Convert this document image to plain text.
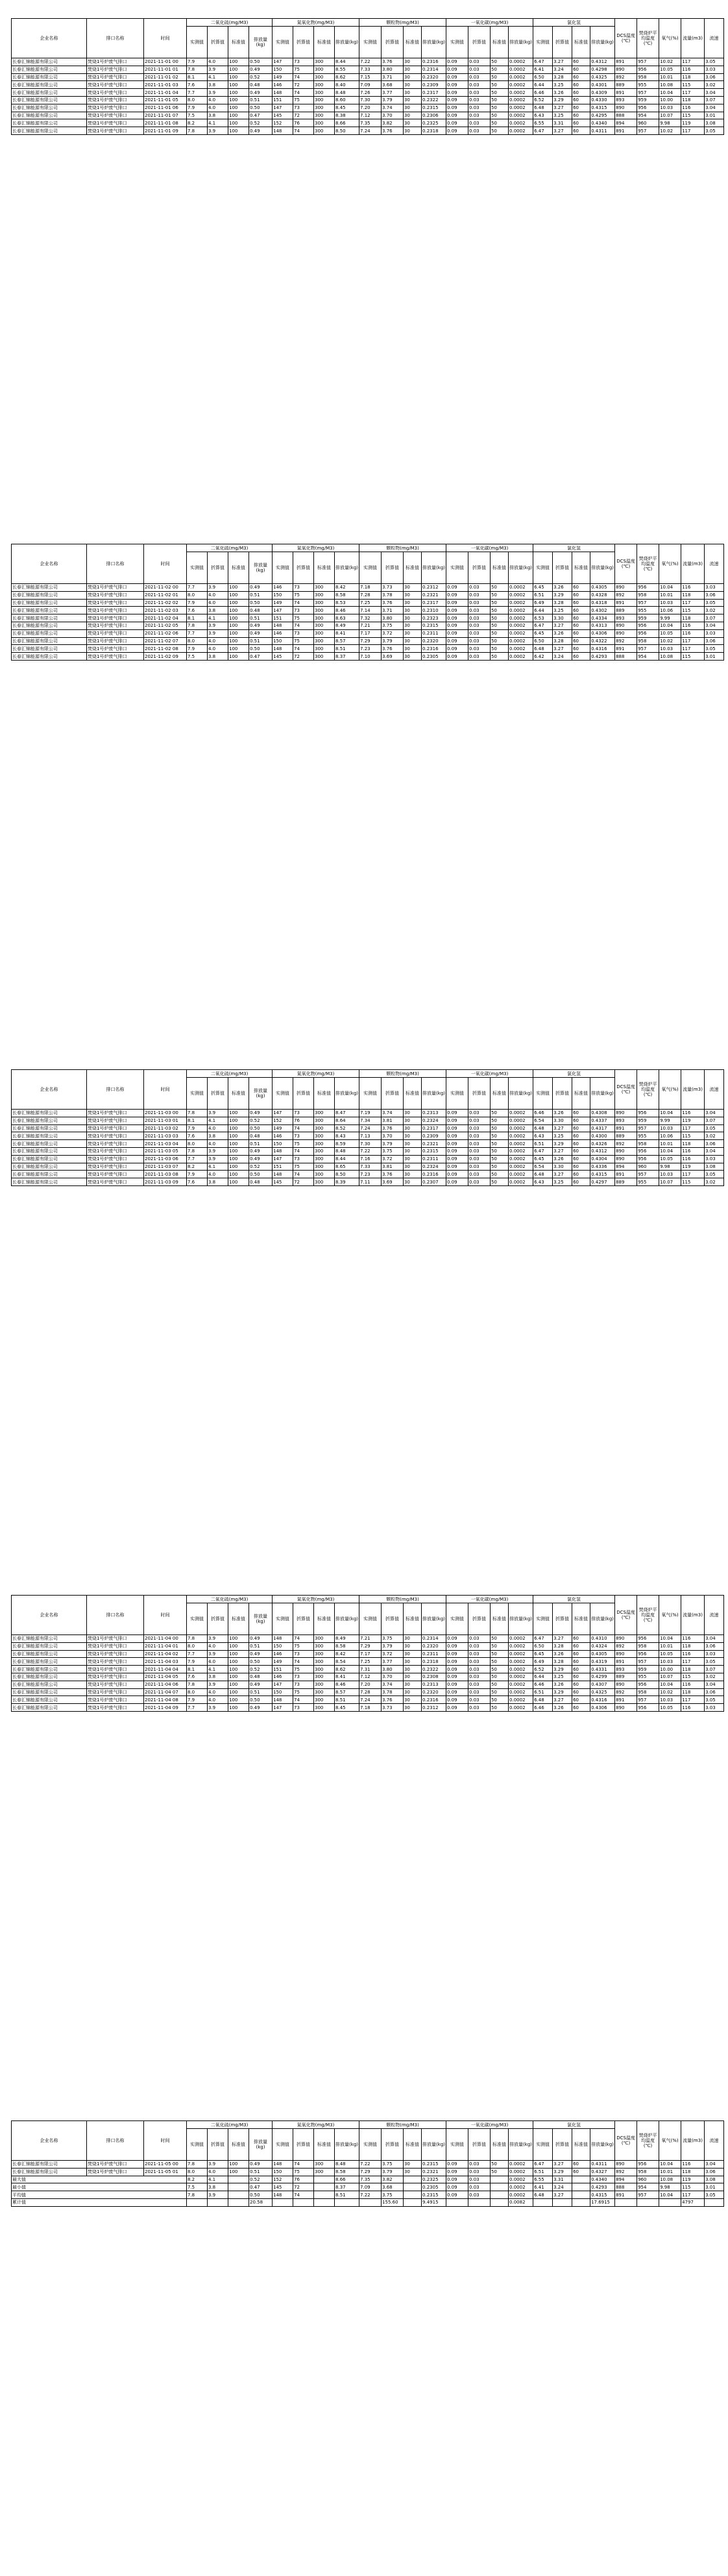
企业名称	排口名称	时间	二氧化硫(mg/M3)				氮氧化物(mg/M3)				颗粒物(mg/M3)				一氧化碳(mg/M3)				氯化氢				DCS温度(℃)	焚烧炉平均温度(℃)	氧气(%)	流量(m3)	流速
			实测值	折算值	标准值	排放量(kg)	实测值	折算值	标准值	排放量(kg)	实测值	折算值	标准值	排放量(kg)	实测值	折算值	标准值	排放量(kg)	实测值	折算值	标准值	排放量(kg)					
长春汇锦能源有限公司	焚烧1号炉废气排口	2021-11-01 00	7.9	4.0	100	0.50	147	73	300	8.44	7.22	3.76	30	0.2316	0.09	0.03	50	0.0002	6.47	3.27	60	0.4312	891	957	10.02	117	3.05
长春汇锦能源有限公司	焚烧1号炉废气排口	2021-11-01 01	7.8	3.9	100	0.49	150	75	300	8.55	7.33	3.80	30	0.2314	0.09	0.03	50	0.0002	6.41	3.24	60	0.4298	890	956	10.05	116	3.03
长春汇锦能源有限公司	焚烧1号炉废气排口	2021-11-01 02	8.1	4.1	100	0.52	149	74	300	8.62	7.15	3.71	30	0.2320	0.09	0.03	50	0.0002	6.50	3.28	60	0.4325	892	958	10.01	118	3.06
长春汇锦能源有限公司	焚烧1号炉废气排口	2021-11-01 03	7.6	3.8	100	0.48	146	72	300	8.40	7.09	3.68	30	0.2309	0.09	0.03	50	0.0002	6.44	3.25	60	0.4301	889	955	10.08	115	3.02
长春汇锦能源有限公司	焚烧1号炉废气排口	2021-11-01 04	7.7	3.9	100	0.49	148	74	300	8.48	7.26	3.77	30	0.2317	0.09	0.03	50	0.0002	6.46	3.26	60	0.4309	891	957	10.04	117	3.04
长春汇锦能源有限公司	焚烧1号炉废气排口	2021-11-01 05	8.0	4.0	100	0.51	151	75	300	8.60	7.30	3.79	30	0.2322	0.09	0.03	50	0.0002	6.52	3.29	60	0.4330	893	959	10.00	118	3.07
长春汇锦能源有限公司	焚烧1号炉废气排口	2021-11-01 06	7.9	4.0	100	0.50	147	73	300	8.45	7.20	3.74	30	0.2315	0.09	0.03	50	0.0002	6.48	3.27	60	0.4315	890	956	10.03	116	3.04
长春汇锦能源有限公司	焚烧1号炉废气排口	2021-11-01 07	7.5	3.8	100	0.47	145	72	300	8.38	7.12	3.70	30	0.2306	0.09	0.03	50	0.0002	6.43	3.25	60	0.4295	888	954	10.07	115	3.01
长春汇锦能源有限公司	焚烧1号炉废气排口	2021-11-01 08	8.2	4.1	100	0.52	152	76	300	8.66	7.35	3.82	30	0.2325	0.09	0.03	50	0.0002	6.55	3.31	60	0.4340	894	960	9.98	119	3.08
长春汇锦能源有限公司	焚烧1号炉废气排口	2021-11-01 09	7.8	3.9	100	0.49	148	74	300	8.50	7.24	3.76	30	0.2318	0.09	0.03	50	0.0002	6.47	3.27	60	0.4311	891	957	10.02	117	3.05
企业名称	排口名称	时间	二氧化硫(mg/M3)				氮氧化物(mg/M3)				颗粒物(mg/M3)				一氧化碳(mg/M3)				氯化氢				DCS温度(℃)	焚烧炉平均温度(℃)	氧气(%)	流量(m3)	流速
			实测值	折算值	标准值	排放量(kg)	实测值	折算值	标准值	排放量(kg)	实测值	折算值	标准值	排放量(kg)	实测值	折算值	标准值	排放量(kg)	实测值	折算值	标准值	排放量(kg)					
长春汇锦能源有限公司	焚烧1号炉废气排口	2021-11-02 00	7.7	3.9	100	0.49	146	73	300	8.42	7.18	3.73	30	0.2312	0.09	0.03	50	0.0002	6.45	3.26	60	0.4305	890	956	10.04	116	3.03
长春汇锦能源有限公司	焚烧1号炉废气排口	2021-11-02 01	8.0	4.0	100	0.51	150	75	300	8.58	7.28	3.78	30	0.2321	0.09	0.03	50	0.0002	6.51	3.29	60	0.4328	892	958	10.01	118	3.06
长春汇锦能源有限公司	焚烧1号炉废气排口	2021-11-02 02	7.9	4.0	100	0.50	149	74	300	8.53	7.25	3.76	30	0.2317	0.09	0.03	50	0.0002	6.49	3.28	60	0.4318	891	957	10.03	117	3.05
长春汇锦能源有限公司	焚烧1号炉废气排口	2021-11-02 03	7.6	3.8	100	0.48	147	73	300	8.46	7.14	3.71	30	0.2310	0.09	0.03	50	0.0002	6.44	3.25	60	0.4302	889	955	10.06	115	3.02
长春汇锦能源有限公司	焚烧1号炉废气排口	2021-11-02 04	8.1	4.1	100	0.51	151	75	300	8.63	7.32	3.80	30	0.2323	0.09	0.03	50	0.0002	6.53	3.30	60	0.4334	893	959	9.99	118	3.07
长春汇锦能源有限公司	焚烧1号炉废气排口	2021-11-02 05	7.8	3.9	100	0.49	148	74	300	8.49	7.21	3.75	30	0.2315	0.09	0.03	50	0.0002	6.47	3.27	60	0.4313	890	956	10.04	116	3.04
长春汇锦能源有限公司	焚烧1号炉废气排口	2021-11-02 06	7.7	3.9	100	0.49	146	73	300	8.41	7.17	3.72	30	0.2311	0.09	0.03	50	0.0002	6.45	3.26	60	0.4306	890	956	10.05	116	3.03
长春汇锦能源有限公司	焚烧1号炉废气排口	2021-11-02 07	8.0	4.0	100	0.51	150	75	300	8.57	7.29	3.79	30	0.2320	0.09	0.03	50	0.0002	6.50	3.28	60	0.4322	892	958	10.02	117	3.06
长春汇锦能源有限公司	焚烧1号炉废气排口	2021-11-02 08	7.9	4.0	100	0.50	148	74	300	8.51	7.23	3.76	30	0.2316	0.09	0.03	50	0.0002	6.48	3.27	60	0.4316	891	957	10.03	117	3.05
长春汇锦能源有限公司	焚烧1号炉废气排口	2021-11-02 09	7.5	3.8	100	0.47	145	72	300	8.37	7.10	3.69	30	0.2305	0.09	0.03	50	0.0002	6.42	3.24	60	0.4293	888	954	10.08	115	3.01
企业名称	排口名称	时间	二氧化硫(mg/M3)				氮氧化物(mg/M3)				颗粒物(mg/M3)				一氧化碳(mg/M3)				氯化氢				DCS温度(℃)	焚烧炉平均温度(℃)	氧气(%)	流量(m3)	流速
			实测值	折算值	标准值	排放量(kg)	实测值	折算值	标准值	排放量(kg)	实测值	折算值	标准值	排放量(kg)	实测值	折算值	标准值	排放量(kg)	实测值	折算值	标准值	排放量(kg)					
长春汇锦能源有限公司	焚烧1号炉废气排口	2021-11-03 00	7.8	3.9	100	0.49	147	73	300	8.47	7.19	3.74	30	0.2313	0.09	0.03	50	0.0002	6.46	3.26	60	0.4308	890	956	10.04	116	3.04
长春汇锦能源有限公司	焚烧1号炉废气排口	2021-11-03 01	8.1	4.1	100	0.52	152	76	300	8.64	7.34	3.81	30	0.2324	0.09	0.03	50	0.0002	6.54	3.30	60	0.4337	893	959	9.99	119	3.07
长春汇锦能源有限公司	焚烧1号炉废气排口	2021-11-03 02	7.9	4.0	100	0.50	149	74	300	8.52	7.24	3.76	30	0.2317	0.09	0.03	50	0.0002	6.48	3.27	60	0.4317	891	957	10.03	117	3.05
长春汇锦能源有限公司	焚烧1号炉废气排口	2021-11-03 03	7.6	3.8	100	0.48	146	73	300	8.43	7.13	3.70	30	0.2309	0.09	0.03	50	0.0002	6.43	3.25	60	0.4300	889	955	10.06	115	3.02
长春汇锦能源有限公司	焚烧1号炉废气排口	2021-11-03 04	8.0	4.0	100	0.51	150	75	300	8.59	7.30	3.79	30	0.2321	0.09	0.03	50	0.0002	6.51	3.29	60	0.4326	892	958	10.01	118	3.06
长春汇锦能源有限公司	焚烧1号炉废气排口	2021-11-03 05	7.8	3.9	100	0.49	148	74	300	8.48	7.22	3.75	30	0.2315	0.09	0.03	50	0.0002	6.47	3.27	60	0.4312	890	956	10.04	116	3.04
长春汇锦能源有限公司	焚烧1号炉废气排口	2021-11-03 06	7.7	3.9	100	0.49	147	73	300	8.44	7.16	3.72	30	0.2311	0.09	0.03	50	0.0002	6.45	3.26	60	0.4304	890	956	10.05	116	3.03
长春汇锦能源有限公司	焚烧1号炉废气排口	2021-11-03 07	8.2	4.1	100	0.52	151	75	300	8.65	7.33	3.81	30	0.2324	0.09	0.03	50	0.0002	6.54	3.30	60	0.4336	894	960	9.98	119	3.08
长春汇锦能源有限公司	焚烧1号炉废气排口	2021-11-03 08	7.9	4.0	100	0.50	148	74	300	8.50	7.23	3.76	30	0.2316	0.09	0.03	50	0.0002	6.48	3.27	60	0.4315	891	957	10.03	117	3.05
长春汇锦能源有限公司	焚烧1号炉废气排口	2021-11-03 09	7.6	3.8	100	0.48	145	72	300	8.39	7.11	3.69	30	0.2307	0.09	0.03	50	0.0002	6.43	3.25	60	0.4297	889	955	10.07	115	3.02
企业名称	排口名称	时间	二氧化硫(mg/M3)				氮氧化物(mg/M3)				颗粒物(mg/M3)				一氧化碳(mg/M3)				氯化氢				DCS温度(℃)	焚烧炉平均温度(℃)	氧气(%)	流量(m3)	流速
			实测值	折算值	标准值	排放量(kg)	实测值	折算值	标准值	排放量(kg)	实测值	折算值	标准值	排放量(kg)	实测值	折算值	标准值	排放量(kg)	实测值	折算值	标准值	排放量(kg)					
长春汇锦能源有限公司	焚烧1号炉废气排口	2021-11-04 00	7.8	3.9	100	0.49	148	74	300	8.49	7.21	3.75	30	0.2314	0.09	0.03	50	0.0002	6.47	3.27	60	0.4310	890	956	10.04	116	3.04
长春汇锦能源有限公司	焚烧1号炉废气排口	2021-11-04 01	8.0	4.0	100	0.51	150	75	300	8.58	7.29	3.79	30	0.2320	0.09	0.03	50	0.0002	6.50	3.28	60	0.4324	892	958	10.01	118	3.06
长春汇锦能源有限公司	焚烧1号炉废气排口	2021-11-04 02	7.7	3.9	100	0.49	146	73	300	8.42	7.17	3.72	30	0.2311	0.09	0.03	50	0.0002	6.45	3.26	60	0.4305	890	956	10.05	116	3.03
长春汇锦能源有限公司	焚烧1号炉废气排口	2021-11-04 03	7.9	4.0	100	0.50	149	74	300	8.54	7.25	3.77	30	0.2318	0.09	0.03	50	0.0002	6.49	3.28	60	0.4319	891	957	10.03	117	3.05
长春汇锦能源有限公司	焚烧1号炉废气排口	2021-11-04 04	8.1	4.1	100	0.52	151	75	300	8.62	7.31	3.80	30	0.2322	0.09	0.03	50	0.0002	6.52	3.29	60	0.4331	893	959	10.00	118	3.07
长春汇锦能源有限公司	焚烧1号炉废气排口	2021-11-04 05	7.6	3.8	100	0.48	146	73	300	8.41	7.12	3.70	30	0.2308	0.09	0.03	50	0.0002	6.44	3.25	60	0.4299	889	955	10.07	115	3.02
长春汇锦能源有限公司	焚烧1号炉废气排口	2021-11-04 06	7.8	3.9	100	0.49	147	73	300	8.46	7.20	3.74	30	0.2313	0.09	0.03	50	0.0002	6.46	3.26	60	0.4307	890	956	10.04	116	3.04
长春汇锦能源有限公司	焚烧1号炉废气排口	2021-11-04 07	8.0	4.0	100	0.51	150	75	300	8.57	7.28	3.78	30	0.2320	0.09	0.03	50	0.0002	6.51	3.29	60	0.4325	892	958	10.02	118	3.06
长春汇锦能源有限公司	焚烧1号炉废气排口	2021-11-04 08	7.9	4.0	100	0.50	148	74	300	8.51	7.24	3.76	30	0.2316	0.09	0.03	50	0.0002	6.48	3.27	60	0.4316	891	957	10.03	117	3.05
长春汇锦能源有限公司	焚烧1号炉废气排口	2021-11-04 09	7.7	3.9	100	0.49	147	73	300	8.45	7.18	3.73	30	0.2312	0.09	0.03	50	0.0002	6.46	3.26	60	0.4306	890	956	10.05	116	3.03
企业名称	排口名称	时间	二氧化硫(mg/M3)				氮氧化物(mg/M3)				颗粒物(mg/M3)				一氧化碳(mg/M3)				氯化氢				DCS温度(℃)	焚烧炉平均温度(℃)	氧气(%)	流量(m3)	流速
			实测值	折算值	标准值	排放量(kg)	实测值	折算值	标准值	排放量(kg)	实测值	折算值	标准值	排放量(kg)	实测值	折算值	标准值	排放量(kg)	实测值	折算值	标准值	排放量(kg)					
长春汇锦能源有限公司	焚烧1号炉废气排口	2021-11-05 00	7.8	3.9	100	0.49	148	74	300	8.48	7.22	3.75	30	0.2315	0.09	0.03	50	0.0002	6.47	3.27	60	0.4311	890	956	10.04	116	3.04
长春汇锦能源有限公司	焚烧1号炉废气排口	2021-11-05 01	8.0	4.0	100	0.51	150	75	300	8.58	7.29	3.79	30	0.2321	0.09	0.03	50	0.0002	6.51	3.29	60	0.4327	892	958	10.01	118	3.06
最大值			8.2	4.1		0.52	152	76		8.66	7.35	3.82		0.2325	0.09	0.03		0.0002	6.55	3.31		0.4340	894	960	10.08	119	3.08
最小值			7.5	3.8		0.47	145	72		8.37	7.09	3.68		0.2305	0.09	0.03		0.0002	6.41	3.24		0.4293	888	954	9.98	115	3.01
平均值			7.8	3.9		0.50	148	74		8.51	7.22	3.75		0.2315	0.09	0.03		0.0002	6.48	3.27		0.4315	891	957	10.04	117	3.05
累计值						20.58						155.60		9.4915				0.0082				17.6915				4797	
